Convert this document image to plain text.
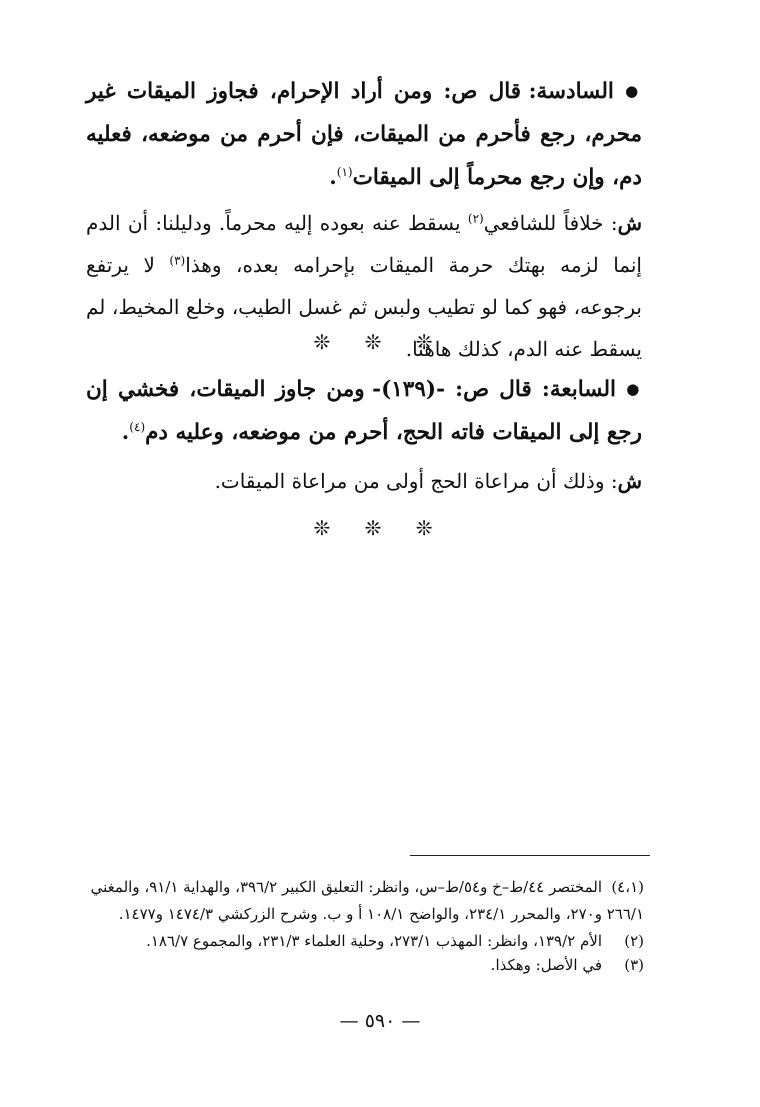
● السادسة: قال ص: ومن أراد الإحرام، فجاوز الميقات غير محرم، رجع فأحرم من الميقات، فإن أحرم من موضعه، فعليه دم، وإن رجع محرماً إلى الميقات$^{(١)}$.
ش: خلافاً للشافعي$^{(٢)}$ يسقط عنه بعوده إليه محرماً. ودليلنا: أن الدم إنما لزمه بهتك حرمة الميقات بإحرامه بعده، وهذا$^{(٣)}$ لا يرتفع برجوعه، فهو كما لو تطيب ولبس ثم غسل الطيب، وخلع المخيط، لم يسقط عنه الدم، كذلك هاهنا.
❊ ❊ ❊
● السابعة: قال ص: -(١٣٩)- ومن جاوز الميقات، فخشي إن رجع إلى الميقات فاته الحج، أحرم من موضعه، وعليه دم$^{(٤)}$.
ش: وذلك أن مراعاة الحج أولى من مراعاة الميقات.
❊ ❊ ❊
(٤،١)المختصر ٤٤/ط–خ و٥٤/ط–س، وانظر: التعليق الكبير ٣٩٦/٢، والهداية ٩١/١، والمغني ٢٦٦/١ و٢٧٠، والمحرر ٢٣٤/١، والواضح ١٠٨/١ أ و ب. وشرح الزركشي ١٤٧٤/٣ و١٤٧٧.
(٢)الأم ١٣٩/٢، وانظر: المهذب ٢٧٣/١، وحلية العلماء ٢٣١/٣، والمجموع ١٨٦/٧.
(٣)في الأصل: وهكذا.
— ٥٩٠ —
